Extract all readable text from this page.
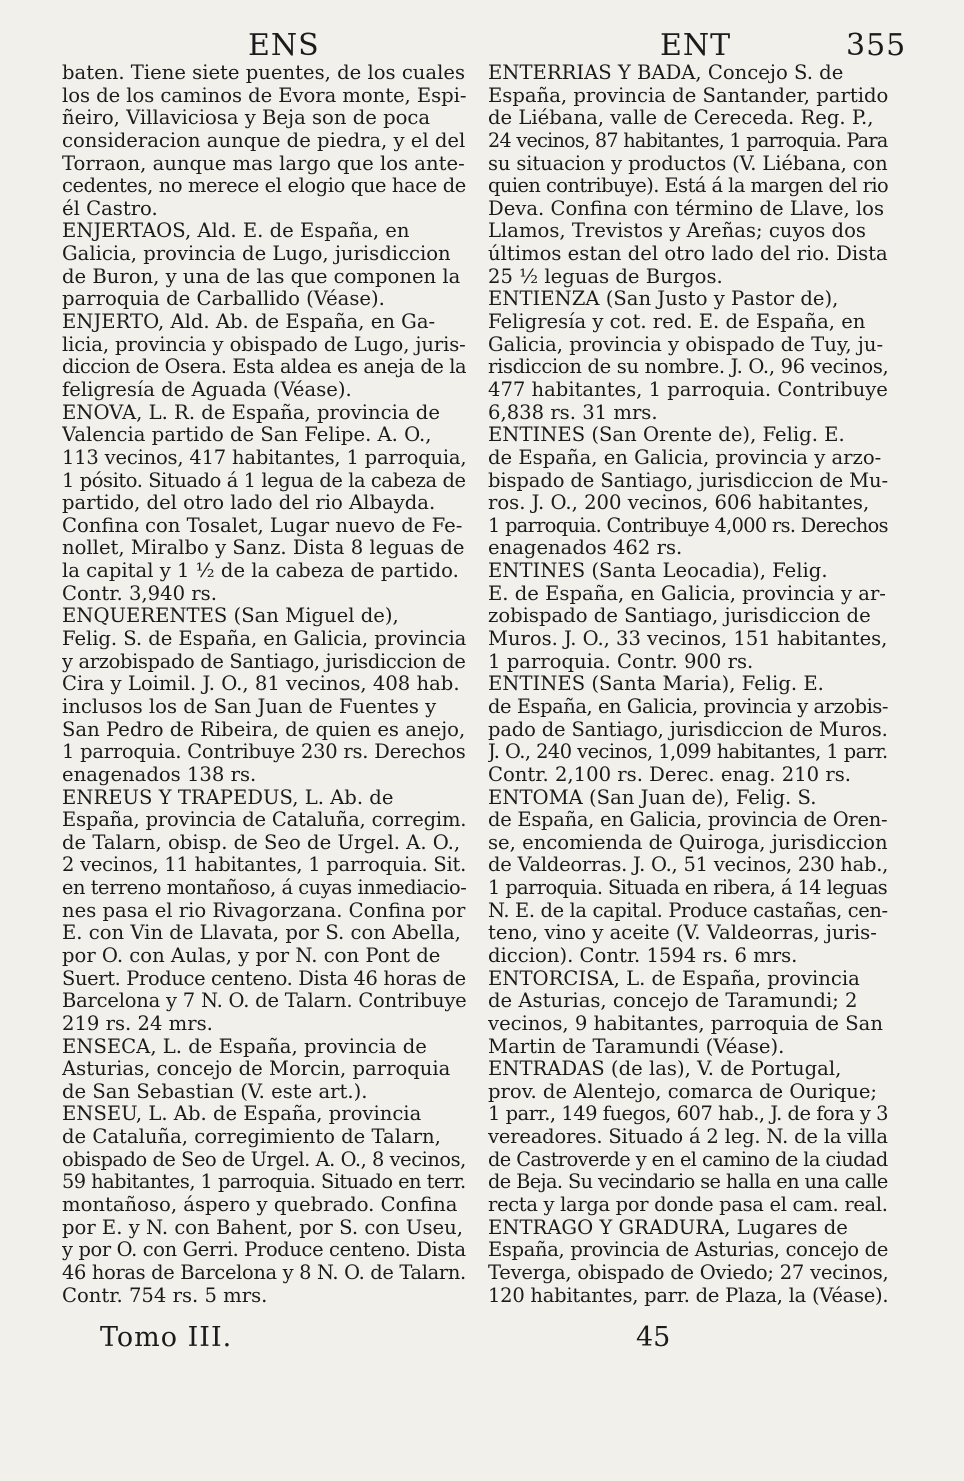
ENS	ENT	355
baten. Tiene siete puentes, de los cuales
los de los caminos de Evora monte, Espi-
ñeiro, Villaviciosa y Beja son de poca
consideracion aunque de piedra, y el del
Torraon, aunque mas largo que los ante-
cedentes, no merece el elogio que hace de
él Castro.
ENJERTAOS, Ald. E. de España, en
Galicia, provincia de Lugo, jurisdiccion
de Buron, y una de las que componen la
parroquia de Carballido (Véase).
ENJERTO, Ald. Ab. de España, en Ga-
licia, provincia y obispado de Lugo, juris-
diccion de Osera. Esta aldea es aneja de la
feligresía de Aguada (Véase).
ENOVA, L. R. de España, provincia de
Valencia partido de San Felipe. A. O.,
113 vecinos, 417 habitantes, 1 parroquia,
1 pósito. Situado á 1 legua de la cabeza de
partido, del otro lado del rio Albayda.
Confina con Tosalet, Lugar nuevo de Fe-
nollet, Miralbo y Sanz. Dista 8 leguas de
la capital y 1 ½ de la cabeza de partido.
Contr. 3,940 rs.
ENQUERENTES (San Miguel de),
Felig. S. de España, en Galicia, provincia
y arzobispado de Santiago, jurisdiccion de
Cira y Loimil. J. O., 81 vecinos, 408 hab.
inclusos los de San Juan de Fuentes y
San Pedro de Ribeira, de quien es anejo,
1 parroquia. Contribuye 230 rs. Derechos
enagenados 138 rs.
ENREUS Y TRAPEDUS, L. Ab. de
España, provincia de Cataluña, corregim.
de Talarn, obisp. de Seo de Urgel. A. O.,
2 vecinos, 11 habitantes, 1 parroquia. Sit.
en terreno montañoso, á cuyas inmediacio-
nes pasa el rio Rivagorzana. Confina por
E. con Vin de Llavata, por S. con Abella,
por O. con Aulas, y por N. con Pont de
Suert. Produce centeno. Dista 46 horas de
Barcelona y 7 N. O. de Talarn. Contribuye
219 rs. 24 mrs.
ENSECA, L. de España, provincia de
Asturias, concejo de Morcin, parroquia
de San Sebastian (V. este art.).
ENSEU, L. Ab. de España, provincia
de Cataluña, corregimiento de Talarn,
obispado de Seo de Urgel. A. O., 8 vecinos,
59 habitantes, 1 parroquia. Situado en terr.
montañoso, áspero y quebrado. Confina
por E. y N. con Bahent, por S. con Useu,
y por O. con Gerri. Produce centeno. Dista
46 horas de Barcelona y 8 N. O. de Talarn.
Contr. 754 rs. 5 mrs.
ENTERRIAS Y BADA, Concejo S. de
España, provincia de Santander, partido
de Liébana, valle de Cereceda. Reg. P.,
24 vecinos, 87 habitantes, 1 parroquia. Para
su situacion y productos (V. Liébana, con
quien contribuye). Está á la margen del rio
Deva. Confina con término de Llave, los
Llamos, Trevistos y Areñas; cuyos dos
últimos estan del otro lado del rio. Dista
25 ½ leguas de Burgos.
ENTIENZA (San Justo y Pastor de),
Feligresía y cot. red. E. de España, en
Galicia, provincia y obispado de Tuy, ju-
risdiccion de su nombre. J. O., 96 vecinos,
477 habitantes, 1 parroquia. Contribuye
6,838 rs. 31 mrs.
ENTINES (San Orente de), Felig. E.
de España, en Galicia, provincia y arzo-
bispado de Santiago, jurisdiccion de Mu-
ros. J. O., 200 vecinos, 606 habitantes,
1 parroquia. Contribuye 4,000 rs. Derechos
enagenados 462 rs.
ENTINES (Santa Leocadia), Felig.
E. de España, en Galicia, provincia y ar-
zobispado de Santiago, jurisdiccion de
Muros. J. O., 33 vecinos, 151 habitantes,
1 parroquia. Contr. 900 rs.
ENTINES (Santa Maria), Felig. E.
de España, en Galicia, provincia y arzobis-
pado de Santiago, jurisdiccion de Muros.
J. O., 240 vecinos, 1,099 habitantes, 1 parr.
Contr. 2,100 rs. Derec. enag. 210 rs.
ENTOMA (San Juan de), Felig. S.
de España, en Galicia, provincia de Oren-
se, encomienda de Quiroga, jurisdiccion
de Valdeorras. J. O., 51 vecinos, 230 hab.,
1 parroquia. Situada en ribera, á 14 leguas
N. E. de la capital. Produce castañas, cen-
teno, vino y aceite (V. Valdeorras, juris-
diccion). Contr. 1594 rs. 6 mrs.
ENTORCISA, L. de España, provincia
de Asturias, concejo de Taramundi; 2
vecinos, 9 habitantes, parroquia de San
Martin de Taramundi (Véase).
ENTRADAS (de las), V. de Portugal,
prov. de Alentejo, comarca de Ourique;
1 parr., 149 fuegos, 607 hab., J. de fora y 3
vereadores. Situado á 2 leg. N. de la villa
de Castroverde y en el camino de la ciudad
de Beja. Su vecindario se halla en una calle
recta y larga por donde pasa el cam. real.
ENTRAGO Y GRADURA, Lugares de
España, provincia de Asturias, concejo de
Teverga, obispado de Oviedo; 27 vecinos,
120 habitantes, parr. de Plaza, la (Véase).
Tomo III.	45
